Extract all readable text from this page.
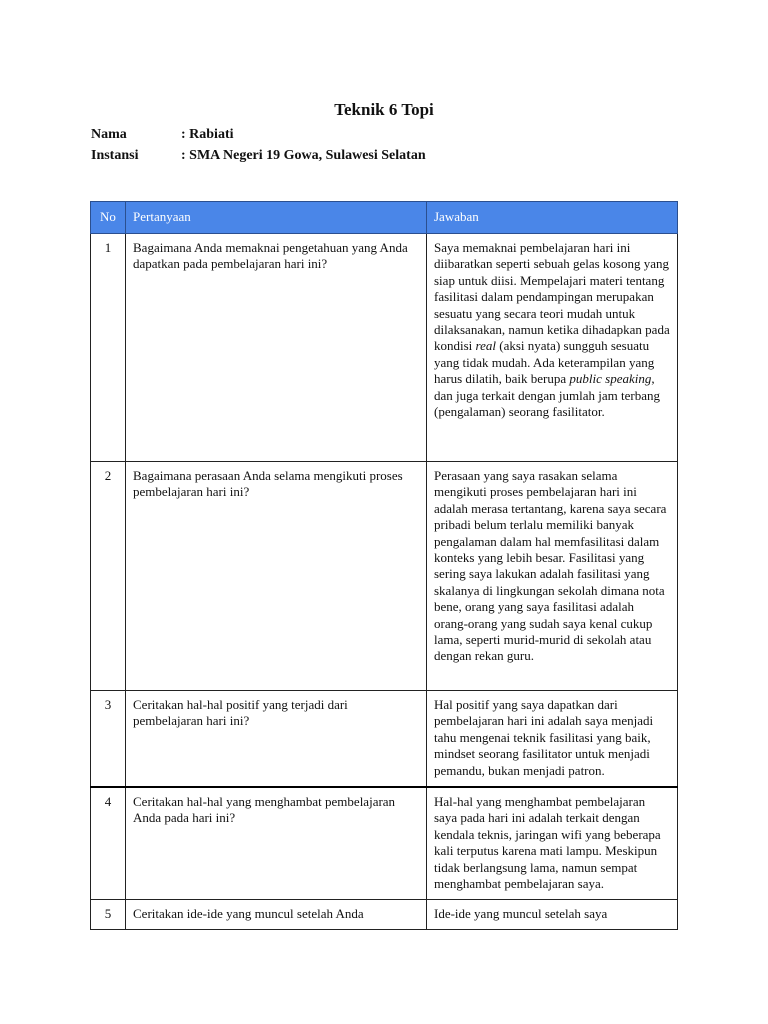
Teknik 6 Topi
Nama	: Rabiati
Instansi	: SMA Negeri 19 Gowa, Sulawesi Selatan
No	Pertanyaan	Jawaban
1	Bagaimana Anda memaknai pengetahuan yang Anda dapatkan pada pembelajaran hari ini?	Saya memaknai pembelajaran hari ini diibaratkan seperti sebuah gelas kosong yang siap untuk diisi. Mempelajari materi tentang fasilitasi dalam pendampingan merupakan sesuatu yang secara teori mudah untuk dilaksanakan, namun ketika dihadapkan pada kondisi real (aksi nyata) sungguh sesuatu yang tidak mudah. Ada keterampilan yang harus dilatih, baik berupa public speaking, dan juga terkait dengan jumlah jam terbang (pengalaman) seorang fasilitator.
2	Bagaimana perasaan Anda selama mengikuti proses pembelajaran hari ini?	Perasaan yang saya rasakan selama mengikuti proses pembelajaran hari ini adalah merasa tertantang, karena saya secara pribadi belum terlalu memiliki banyak pengalaman dalam hal memfasilitasi dalam konteks yang lebih besar. Fasilitasi yang sering saya lakukan adalah fasilitasi yang skalanya di lingkungan sekolah dimana nota bene, orang yang saya fasilitasi adalah orang-orang yang sudah saya kenal cukup lama, seperti murid-murid di sekolah atau dengan rekan guru.
3	Ceritakan hal-hal positif yang terjadi dari pembelajaran hari ini?	Hal positif yang saya dapatkan dari pembelajaran hari ini adalah saya menjadi tahu mengenai teknik fasilitasi yang baik, mindset seorang fasilitator untuk menjadi pemandu, bukan menjadi patron.
4	Ceritakan hal-hal yang menghambat pembelajaran Anda pada hari ini?	Hal-hal yang menghambat pembelajaran saya pada hari ini adalah terkait dengan kendala teknis, jaringan wifi yang beberapa kali terputus karena mati lampu. Meskipun tidak berlangsung lama, namun sempat menghambat pembelajaran saya.
5	Ceritakan ide-ide yang muncul setelah Anda	Ide-ide yang muncul setelah saya
